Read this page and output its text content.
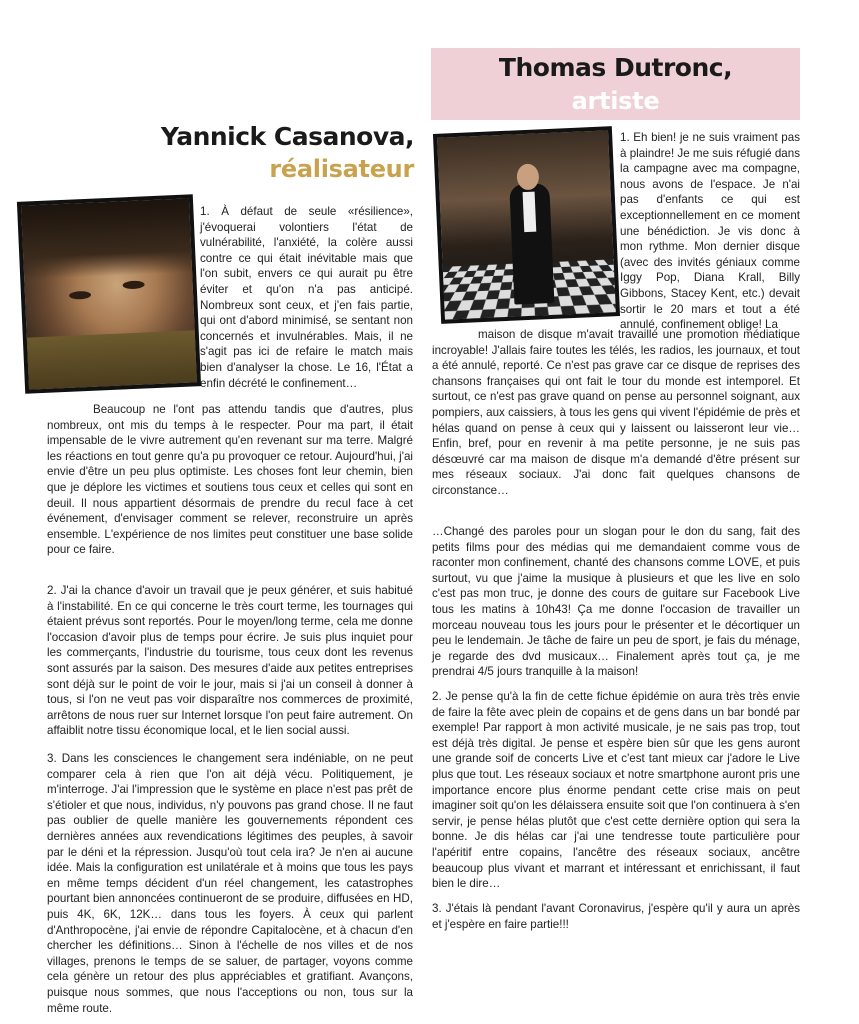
Yannick Casanova,
réalisateur

1. À défaut de seule «résilience», j'évoquerai volontiers l'état de vulnérabilité, l'anxiété, la colère aussi contre ce qui était inévitable mais que l'on subit, envers ce qui aurait pu être éviter et qu'on n'a pas anticipé. Nombreux sont ceux, et j'en fais partie, qui ont d'abord minimisé, se sentant non concernés et invulnérables. Mais, il ne s'agit pas ici de refaire le match mais bien d'analyser la chose. Le 16, l'État a enfin décrété le confinement…

Beaucoup ne l'ont pas attendu tandis que d'autres, plus nombreux, ont mis du temps à le respecter. Pour ma part, il était impensable de le vivre autrement qu'en revenant sur ma terre. Malgré les réactions en tout genre qu'a pu provoquer ce retour. Aujourd'hui, j'ai envie d'être un peu plus optimiste. Les choses font leur chemin, bien que je déplore les victimes et soutiens tous ceux et celles qui sont en deuil. Il nous appartient désormais de prendre du recul face à cet événement, d'envisager comment se relever, reconstruire un après ensemble. L'expérience de nos limites peut constituer une base solide pour ce faire.

2. J'ai la chance d'avoir un travail que je peux générer, et suis habitué à l'instabilité. En ce qui concerne le très court terme, les tournages qui étaient prévus sont reportés. Pour le moyen/long terme, cela me donne l'occasion d'avoir plus de temps pour écrire. Je suis plus inquiet pour les commerçants, l'industrie du tourisme, tous ceux dont les revenus sont assurés par la saison. Des mesures d'aide aux petites entreprises sont déjà sur le point de voir le jour, mais si j'ai un conseil à donner à tous, si l'on ne veut pas voir disparaître nos commerces de proximité, arrêtons de nous ruer sur Internet lorsque l'on peut faire autrement. On affaiblit notre tissu économique local, et le lien social aussi.

3. Dans les consciences le changement sera indéniable, on ne peut comparer cela à rien que l'on ait déjà vécu. Politiquement, je m'interroge. J'ai l'impression que le système en place n'est pas prêt de s'étioler et que nous, individus, n'y pouvons pas grand chose. Il ne faut pas oublier de quelle manière les gouvernements répondent ces dernières années aux revendications légitimes des peuples, à savoir par le déni et la répression. Jusqu'où tout cela ira? Je n'en ai aucune idée. Mais la configuration est unilatérale et à moins que tous les pays en même temps décident d'un réel changement, les catastrophes pourtant bien annoncées continueront de se produire, diffusées en HD, puis 4K, 6K, 12K… dans tous les foyers. À ceux qui parlent d'Anthropocène, j'ai envie de répondre Capitalocène, et à chacun d'en chercher les définitions… Sinon à l'échelle de nos villes et de nos villages, prenons le temps de se saluer, de partager, voyons comme cela génère un retour des plus appréciables et gratifiant. Avançons, puisque nous sommes, que nous l'acceptions ou non, tous sur la même route.

Thomas Dutronc,
artiste

1. Eh bien! je ne suis vraiment pas à plaindre! Je me suis réfugié dans la campagne avec ma compagne, nous avons de l'espace. Je n'ai pas d'enfants ce qui est exceptionnellement en ce moment une bénédiction. Je vis donc à mon rythme. Mon dernier disque (avec des invités géniaux comme Iggy Pop, Diana Krall, Billy Gibbons, Stacey Kent, etc.) devait sortir le 20 mars et tout a été annulé, confinement oblige! La

maison de disque m'avait travaillé une promotion médiatique incroyable! J'allais faire toutes les télés, les radios, les journaux, et tout a été annulé, reporté. Ce n'est pas grave car ce disque de reprises des chansons françaises qui ont fait le tour du monde est intemporel. Et surtout, ce n'est pas grave quand on pense au personnel soignant, aux pompiers, aux caissiers, à tous les gens qui vivent l'épidémie de près et hélas quand on pense à ceux qui y laissent ou laisseront leur vie… Enfin, bref, pour en revenir à ma petite personne, je ne suis pas désœuvré car ma maison de disque m'a demandé d'être présent sur mes réseaux sociaux. J'ai donc fait quelques chansons de circonstance…

…Changé des paroles pour un slogan pour le don du sang, fait des petits films pour des médias qui me demandaient comme vous de raconter mon confinement, chanté des chansons comme LOVE, et puis surtout, vu que j'aime la musique à plusieurs et que les live en solo c'est pas mon truc, je donne des cours de guitare sur Facebook Live tous les matins à 10h43! Ça me donne l'occasion de travailler un morceau nouveau tous les jours pour le présenter et le décortiquer un peu le lendemain. Je tâche de faire un peu de sport, je fais du ménage, je regarde des dvd musicaux… Finalement après tout ça, je me prendrai 4/5 jours tranquille à la maison!

2. Je pense qu'à la fin de cette fichue épidémie on aura très très envie de faire la fête avec plein de copains et de gens dans un bar bondé par exemple! Par rapport à mon activité musicale, je ne sais pas trop, tout est déjà très digital. Je pense et espère bien sûr que les gens auront une grande soif de concerts Live et c'est tant mieux car j'adore le Live plus que tout. Les réseaux sociaux et notre smartphone auront pris une importance encore plus énorme pendant cette crise mais on peut imaginer soit qu'on les délaissera ensuite soit que l'on continuera à s'en servir, je pense hélas plutôt que c'est cette dernière option qui sera la bonne. Je dis hélas car j'ai une tendresse toute particulière pour l'apéritif entre copains, l'ancêtre des réseaux sociaux, ancêtre beaucoup plus vivant et marrant et intéressant et enrichissant, il faut bien le dire…

3. J'étais là pendant l'avant Coronavirus, j'espère qu'il y aura un après et j'espère en faire partie!!!
